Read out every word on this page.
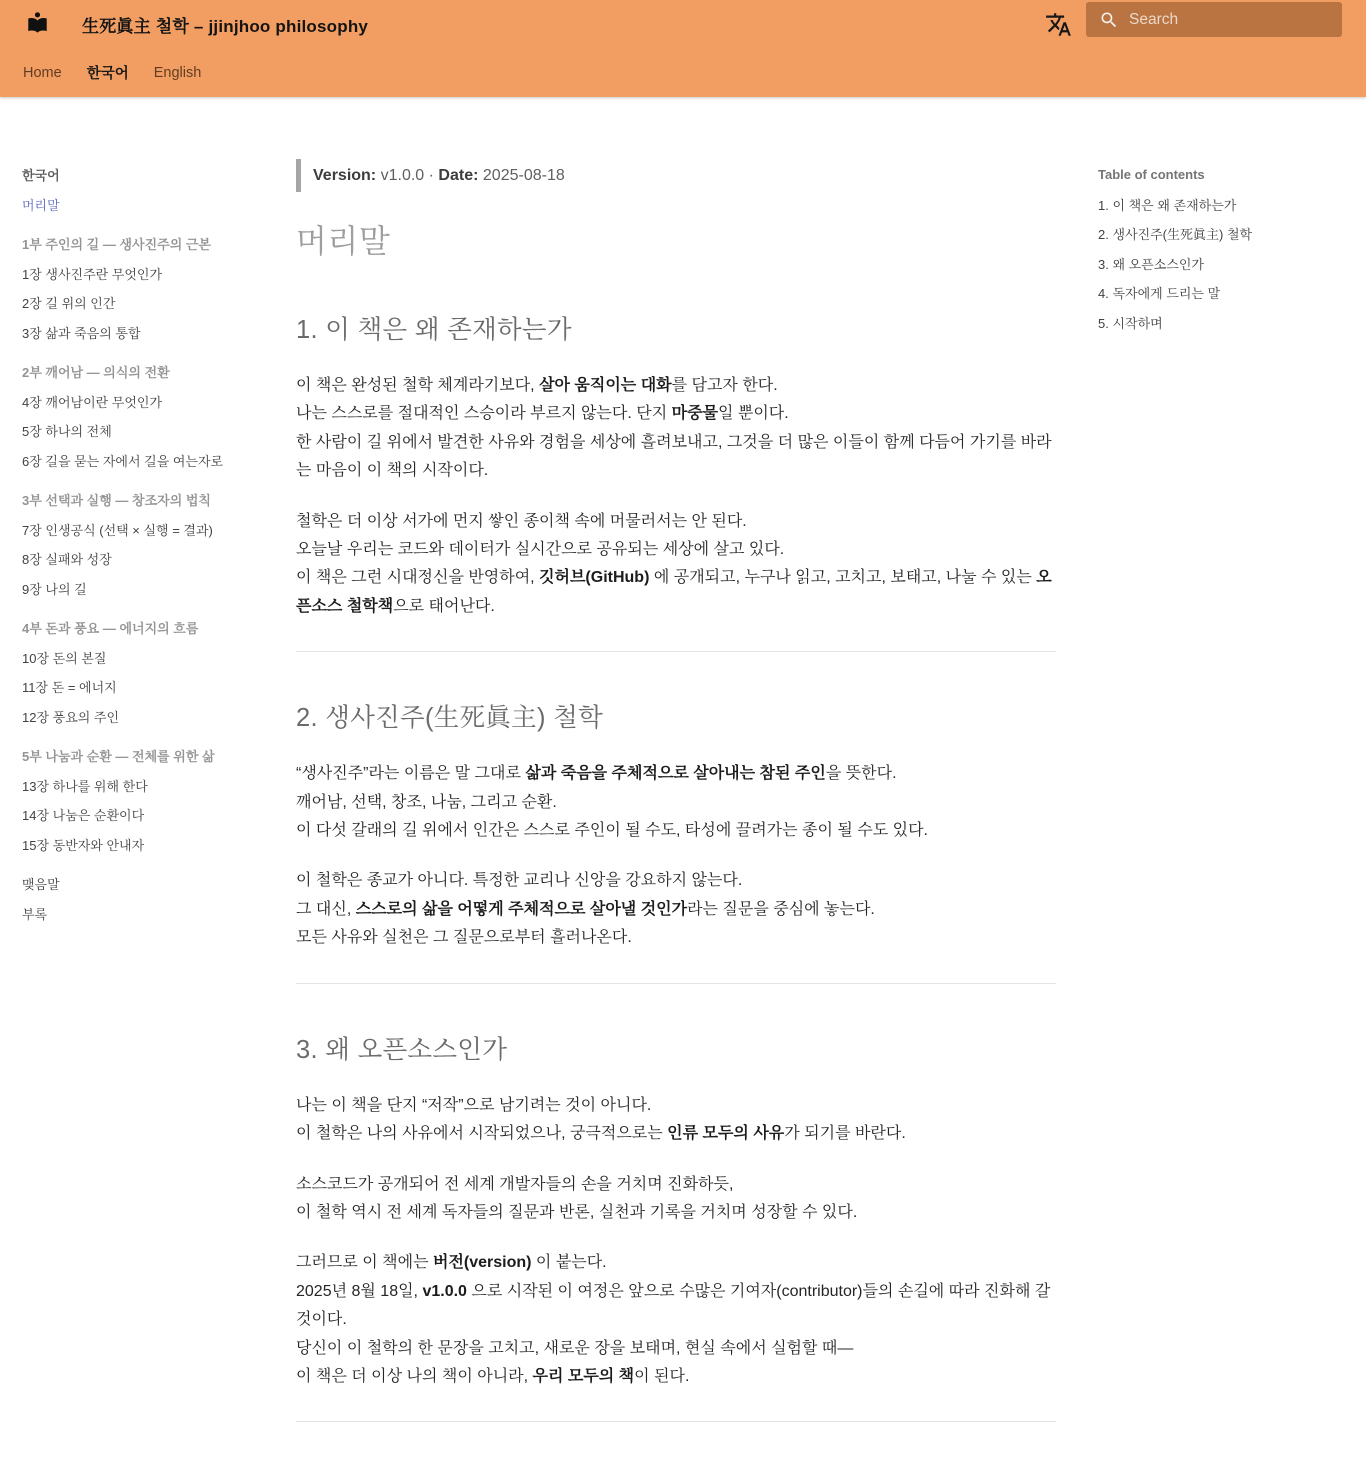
生死眞主 철학 – jjinjhoo philosophy
Search
Home 한국어 English
한국어
머리말
1부 주인의 길 — 생사진주의 근본
1장 생사진주란 무엇인가
2장 길 위의 인간
3장 삶과 죽음의 통합
2부 깨어남 — 의식의 전환
4장 깨어남이란 무엇인가
5장 하나의 전체
6장 길을 묻는 자에서 길을 여는자로
3부 선택과 실행 — 창조자의 법칙
7장 인생공식 (선택 × 실행 = 결과)
8장 실패와 성장
9장 나의 길
4부 돈과 풍요 — 에너지의 흐름
10장 돈의 본질
11장 돈 = 에너지
12장 풍요의 주인
5부 나눔과 순환 — 전체를 위한 삶
13장 하나를 위해 한다
14장 나눔은 순환이다
15장 동반자와 안내자
맺음말
부록
Version: v1.0.0 · Date: 2025-08-18
머리말
1. 이 책은 왜 존재하는가

이 책은 완성된 철학 체계라기보다, 살아 움직이는 대화를 담고자 한다.
나는 스스로를 절대적인 스승이라 부르지 않는다. 단지 마중물일 뿐이다.
한 사람이 길 위에서 발견한 사유와 경험을 세상에 흘려보내고, 그것을 더 많은 이들이 함께 다듬어 가기를 바라는 마음이 이 책의 시작이다.

철학은 더 이상 서가에 먼지 쌓인 종이책 속에 머물러서는 안 된다.
오늘날 우리는 코드와 데이터가 실시간으로 공유되는 세상에 살고 있다.
이 책은 그런 시대정신을 반영하여, 깃허브(GitHub) 에 공개되고, 누구나 읽고, 고치고, 보태고, 나눌 수 있는 오픈소스 철학책으로 태어난다.

2. 생사진주(生死眞主) 철학

“생사진주”라는 이름은 말 그대로 삶과 죽음을 주체적으로 살아내는 참된 주인을 뜻한다.
깨어남, 선택, 창조, 나눔, 그리고 순환.
이 다섯 갈래의 길 위에서 인간은 스스로 주인이 될 수도, 타성에 끌려가는 종이 될 수도 있다.

이 철학은 종교가 아니다. 특정한 교리나 신앙을 강요하지 않는다.
그 대신, 스스로의 삶을 어떻게 주체적으로 살아낼 것인가라는 질문을 중심에 놓는다.
모든 사유와 실천은 그 질문으로부터 흘러나온다.

3. 왜 오픈소스인가

나는 이 책을 단지 “저작”으로 남기려는 것이 아니다.
이 철학은 나의 사유에서 시작되었으나, 궁극적으로는 인류 모두의 사유가 되기를 바란다.

소스코드가 공개되어 전 세계 개발자들의 손을 거치며 진화하듯,
이 철학 역시 전 세계 독자들의 질문과 반론, 실천과 기록을 거치며 성장할 수 있다.

그러므로 이 책에는 버전(version) 이 붙는다.
2025년 8월 18일, v1.0.0 으로 시작된 이 여정은 앞으로 수많은 기여자(contributor)들의 손길에 따라 진화해 갈 것이다.
당신이 이 철학의 한 문장을 고치고, 새로운 장을 보태며, 현실 속에서 실험할 때—
이 책은 더 이상 나의 책이 아니라, 우리 모두의 책이 된다.

Table of contents
1. 이 책은 왜 존재하는가
2. 생사진주(生死眞主) 철학
3. 왜 오픈소스인가
4. 독자에게 드리는 말
5. 시작하며
